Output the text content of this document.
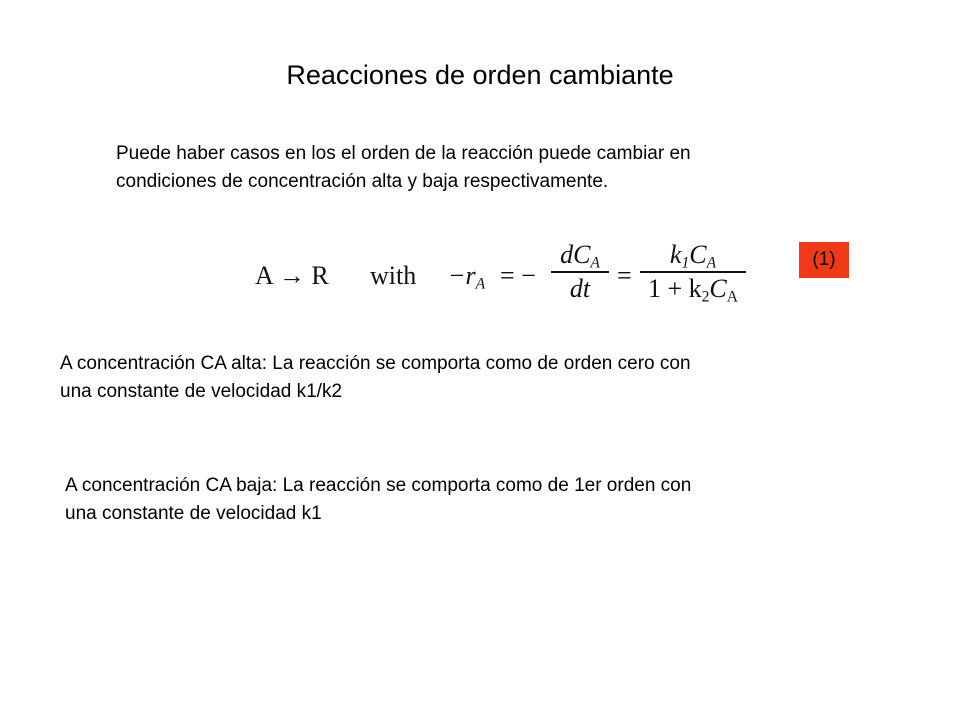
Reacciones de orden cambiante

Puede haber casos en los el orden de la reacción puede cambiar en
condiciones de concentración alta y baja respectivamente.

A → R with $-r_A$ = −
$dC_A$
dt	=
$k_1C_A$
$1 + k_2C_A$
(1)

A concentración CA alta: La reacción se comporta como de orden cero con
una constante de velocidad k1/k2

A concentración CA baja: La reacción se comporta como de 1er orden con
una constante de velocidad k1
